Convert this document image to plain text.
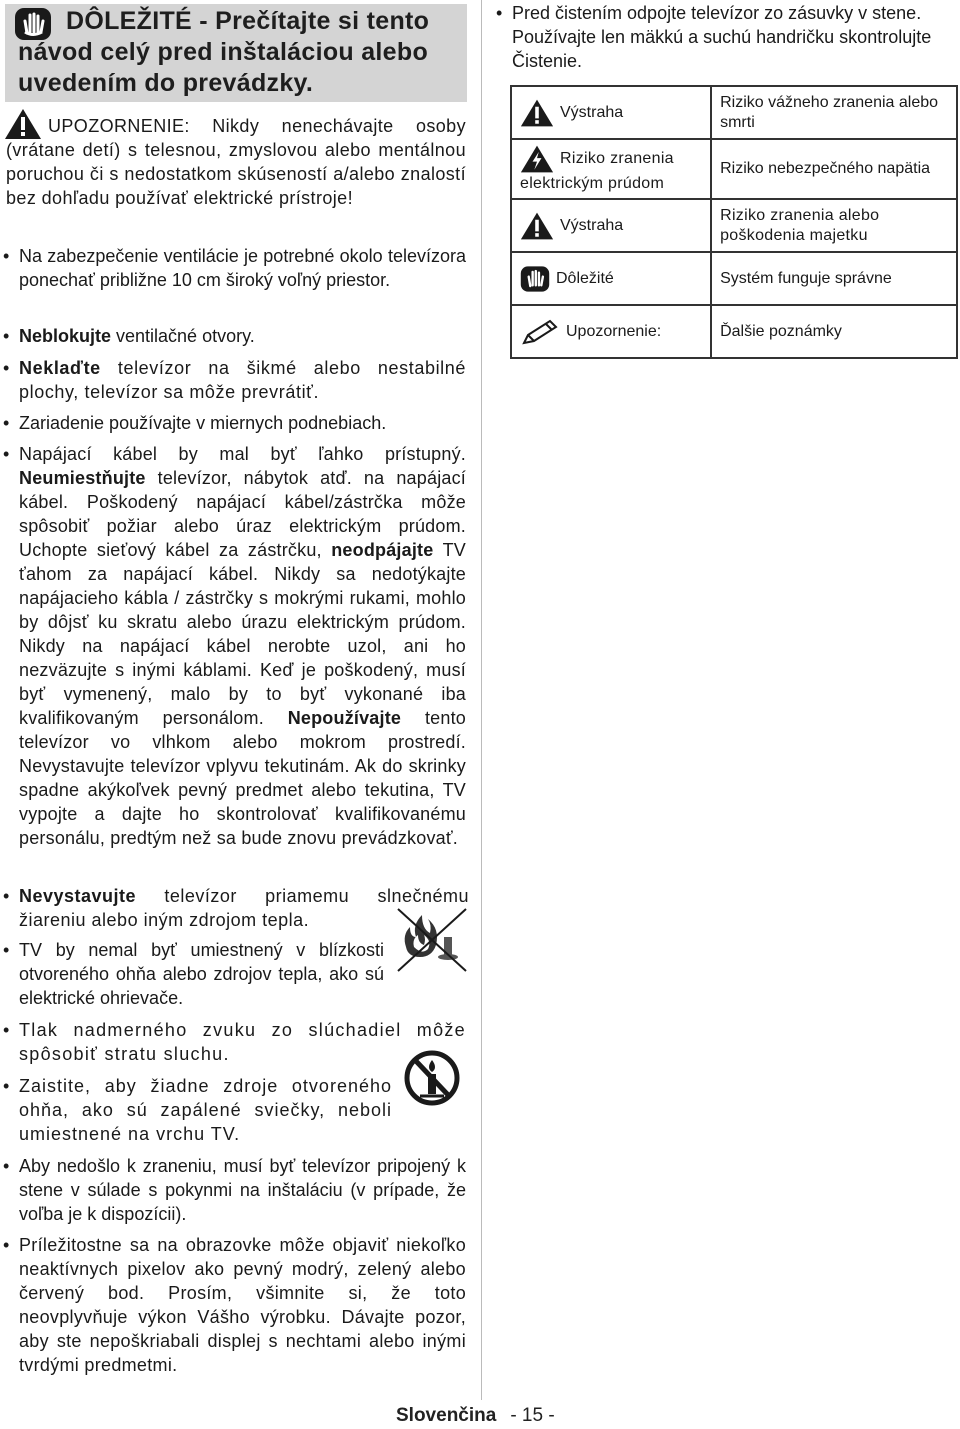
DÔLEŽITÉ - Prečítajte si tento
návod celý pred inštaláciou alebo
uvedením do prevádzky.
UPOZORNENIE: Nikdy nenechávajte osoby (vrátane detí) s telesnou, zmyslovou alebo mentálnou poruchou či s nedostatkom skúseností a/alebo znalostí bez dohľadu používať elektrické prístroje!
• Na zabezpečenie ventilácie je potrebné okolo televízora ponechať približne 10 cm široký voľný priestor.
• Neblokujte ventilačné otvory.
• Neklaďte televízor na šikmé alebo nestabilné plochy, televízor sa môže prevrátiť.
• Zariadenie používajte v miernych podnebiach.
• Napájací kábel by mal byť ľahko prístupný. Neumiestňujte televízor, nábytok atď. na napájací kábel. Poškodený napájací kábel/zástrčka môže spôsobiť požiar alebo úraz elektrickým prúdom. Uchopte sieťový kábel za zástrčku, neodpájajte TV ťahom za napájací kábel. Nikdy sa nedotýkajte napájacieho kábla / zástrčky s mokrými rukami, mohlo by dôjsť ku skratu alebo úrazu elektrickým prúdom. Nikdy na napájací kábel nerobte uzol, ani ho nezväzujte s inými káblami. Keď je poškodený, musí byť vymenený, malo by to byť vykonané iba kvalifikovaným personálom. Nepoužívajte tento televízor vo vlhkom alebo mokrom prostredí. Nevystavujte televízor vplyvu tekutinám. Ak do skrinky spadne akýkoľvek pevný predmet alebo tekutina, TV vypojte a dajte ho skontrolovať kvalifikovanému personálu, predtým než sa bude znovu prevádzkovať.
• Nevystavujte televízor priamemu slnečnému žiareniu alebo iným zdrojom tepla.
• TV by nemal byť umiestnený v blízkosti otvoreného ohňa alebo zdrojov tepla, ako sú elektrické ohrievače.
• Tlak nadmerného zvuku zo slúchadiel môže spôsobiť stratu sluchu.
• Zaistite, aby žiadne zdroje otvoreného ohňa, ako sú zapálené sviečky, neboli umiestnené na vrchu TV.
• Aby nedošlo k zraneniu, musí byť televízor pripojený k stene v súlade s pokynmi na inštaláciu (v prípade, že voľba je k dispozícii).
• Príležitostne sa na obrazovke môže objaviť niekoľko neaktívnych pixelov ako pevný modrý, zelený alebo červený bod. Prosím, všimnite si, že toto neovplyvňuje výkon Vášho výrobku. Dávajte pozor, aby ste nepoškriabali displej s nechtami alebo inými tvrdými predmetmi.
• Pred čistením odpojte televízor zo zásuvky v stene. Používajte len mäkkú a suchú handričku skontrolujte Čistenie.
Výstraha	Riziko vážneho zranenia alebo smrti
Riziko zranenia elektrickým prúdom	Riziko nebezpečného napätia
Výstraha	Riziko zranenia alebo poškodenia majetku
Dôležité	Systém funguje správne
Upozornenie:	Ďalšie poznámky
Slovenčina - 15 -
